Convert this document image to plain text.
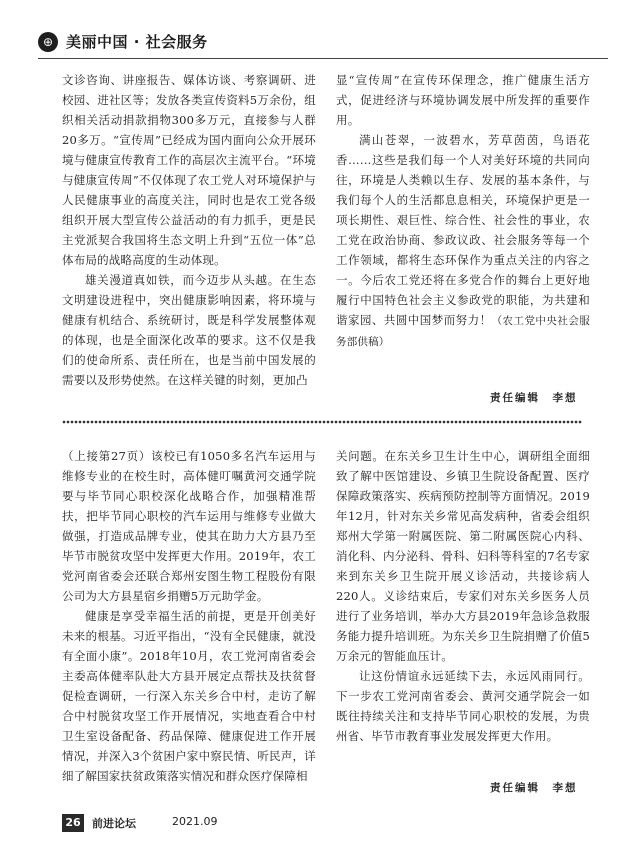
⊕ 美丽中国 · 社会服务

文诊咨询、讲座报告、媒体访谈、考察调研、进校园、进社区等；发放各类宣传资料5万余份，组织相关活动捐款捐物300多万元，直接参与人群20多万。“宣传周”已经成为国内面向公众开展环境与健康宣传教育工作的高层次主流平台。“环境与健康宣传周”不仅体现了农工党人对环境保护与人民健康事业的高度关注，同时也是农工党各级组织开展大型宣传公益活动的有力抓手，更是民主党派契合我国将生态文明上升到“五位一体”总体布局的战略高度的生动体现。

雄关漫道真如铁，而今迈步从头越。在生态文明建设进程中，突出健康影响因素，将环境与健康有机结合、系统研讨，既是科学发展整体观的体现，也是全面深化改革的要求。这不仅是我们的使命所系、责任所在，也是当前中国发展的需要以及形势使然。在这样关键的时刻，更加凸

显“宣传周”在宣传环保理念，推广健康生活方式，促进经济与环境协调发展中所发挥的重要作用。

满山苍翠，一波碧水，芳草茵茵，鸟语花香……这些是我们每一个人对美好环境的共同向往，环境是人类赖以生存、发展的基本条件，与我们每个人的生活都息息相关，环境保护更是一项长期性、艰巨性、综合性、社会性的事业，农工党在政治协商、参政议政、社会服务等每一个工作领域，都将生态环保作为重点关注的内容之一。今后农工党还将在多党合作的舞台上更好地履行中国特色社会主义参政党的职能，为共建和谐家园、共圆中国梦而努力！（农工党中央社会服务部供稿）

责任编辑　李想

（上接第27页）该校已有1050多名汽车运用与维修专业的在校生时，高体健叮嘱黄河交通学院要与毕节同心职校深化战略合作，加强精准帮扶，把毕节同心职校的汽车运用与维修专业做大做强，打造成品牌专业，使其在助力大方县乃至毕节市脱贫攻坚中发挥更大作用。2019年，农工党河南省委会还联合郑州安图生物工程股份有限公司为大方县星宿乡捐赠5万元助学金。

健康是享受幸福生活的前提，更是开创美好未来的根基。习近平指出，“没有全民健康，就没有全面小康”。2018年10月，农工党河南省委会主委高体健率队赴大方县开展定点帮扶及扶贫督促检查调研，一行深入东关乡合中村，走访了解合中村脱贫攻坚工作开展情况，实地查看合中村卫生室设备配备、药品保障、健康促进工作开展情况，并深入3个贫困户家中察民情、听民声，详细了解国家扶贫政策落实情况和群众医疗保障相

关问题。在东关乡卫生计生中心，调研组全面细致了解中医馆建设、乡镇卫生院设备配置、医疗保障政策落实、疾病预防控制等方面情况。2019年12月，针对东关乡常见高发病种，省委会组织郑州大学第一附属医院、第二附属医院心内科、消化科、内分泌科、骨科、妇科等科室的7名专家来到东关乡卫生院开展义诊活动，共接诊病人220人。义诊结束后，专家们对东关乡医务人员进行了业务培训，举办大方县2019年急诊急救服务能力提升培训班。为东关乡卫生院捐赠了价值5万余元的智能血压计。

让这份情谊永远延续下去，永远风雨同行。下一步农工党河南省委会、黄河交通学院会一如既往持续关注和支持毕节同心职校的发展，为贵州省、毕节市教育事业发展发挥更大作用。

责任编辑　李想
26	前进论坛	2021.09
